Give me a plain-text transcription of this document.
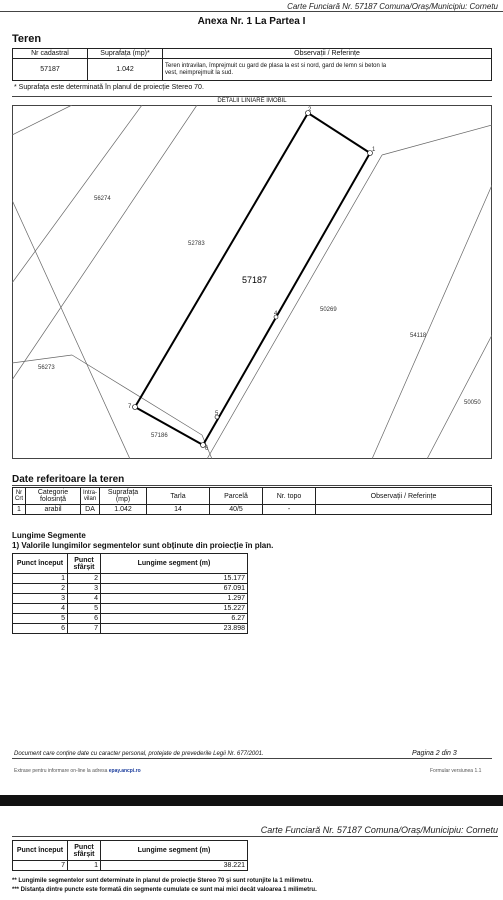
Carte Funciară Nr. 57187 Comuna/Oraș/Municipiu: Cornetu
Anexa Nr. 1 La Partea I
Teren
Nr cadastral	Suprafața (mp)*	Observații / Referințe
57187	1.042	Teren intravilan, împrejmuit cu gard de plasa la est si nord, gard de lemn si beton la
vest, neimprejmuit la sud.
* Suprafața este determinată în planul de proiecție Stereo 70.
DETALII LINIARE IMOBIL
2
1
4
5
6
7
56274
52783
50269
56273
54118
50050
57186
57187
Date referitoare la teren
Nr Crt	Categorie folosință	Intra-vilan	Suprafața (mp)	Tarla	Parcelă	Nr. topo	Observații / Referințe
1	arabil	DA	1.042	14	40/5	-	
Lungime Segmente
1) Valorile lungimilor segmentelor sunt obținute din proiecție în plan.
Punct început	Punct sfârșit	Lungime segment (m)
1	2	15.177
2	3	67.091
3	4	1.297
4	5	15.227
5	6	6.27
6	7	23.898
Document care conține date cu caracter personal, protejate de prevederile Legii Nr. 677/2001.	Pagina 2 din 3
Extrase pentru informare on-line la adresa epay.ancpi.ro	Formular versiunea 1.1
Carte Funciară Nr. 57187 Comuna/Oraș/Municipiu: Cornetu
Punct început	Punct sfârșit	Lungime segment (m)
7	1	38.221
** Lungimile segmentelor sunt determinate în planul de proiecție Stereo 70 și sunt rotunjite la 1 milimetru.
*** Distanța dintre puncte este formată din segmente cumulate ce sunt mai mici decât valoarea 1 milimetru.
